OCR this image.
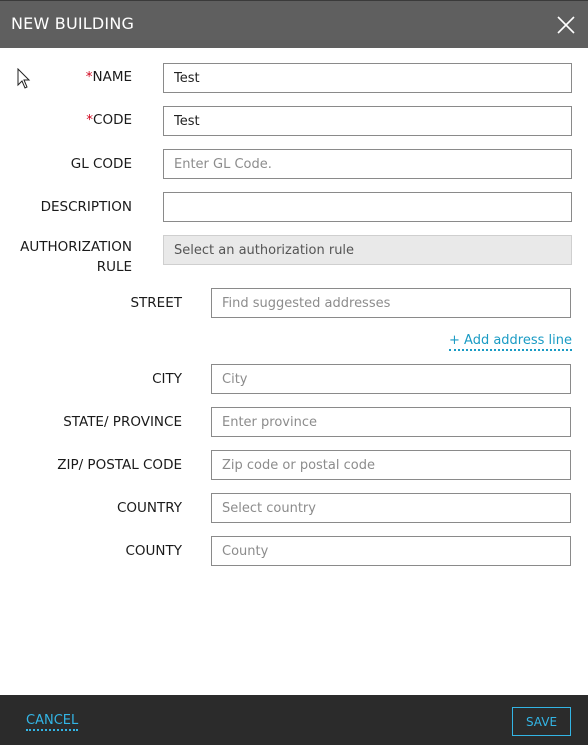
NEW BUILDING
*NAME
Test
*CODE
Test
GL CODE
Enter GL Code.
DESCRIPTION
AUTHORIZATION
RULE
Select an authorization rule
STREET
Find suggested addresses
+ Add address line
CITY
City
STATE/ PROVINCE
Enter province
ZIP/ POSTAL CODE
Zip code or postal code
COUNTRY
Select country
COUNTY
County
CANCEL	SAVE
